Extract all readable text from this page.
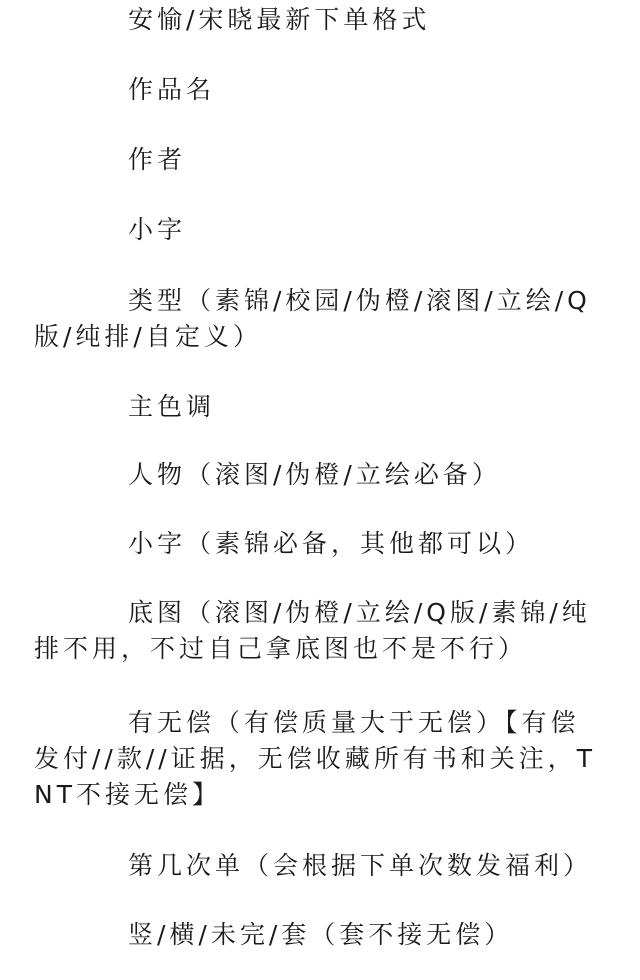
安愉/宋晓最新下单格式
作品名
作者
小字
类型（素锦/校园/伪橙/滚图/立绘/Q版/纯排/自定义）
主色调
人物（滚图/伪橙/立绘必备）
小字（素锦必备，其他都可以）
底图（滚图/伪橙/立绘/Q版/素锦/纯排不用，不过自己拿底图也不是不行）
有无偿（有偿质量大于无偿）【有偿发付//款//证据，无偿收藏所有书和关注，TNT不接无偿】
第几次单（会根据下单次数发福利）
竖/横/未完/套（套不接无偿）
